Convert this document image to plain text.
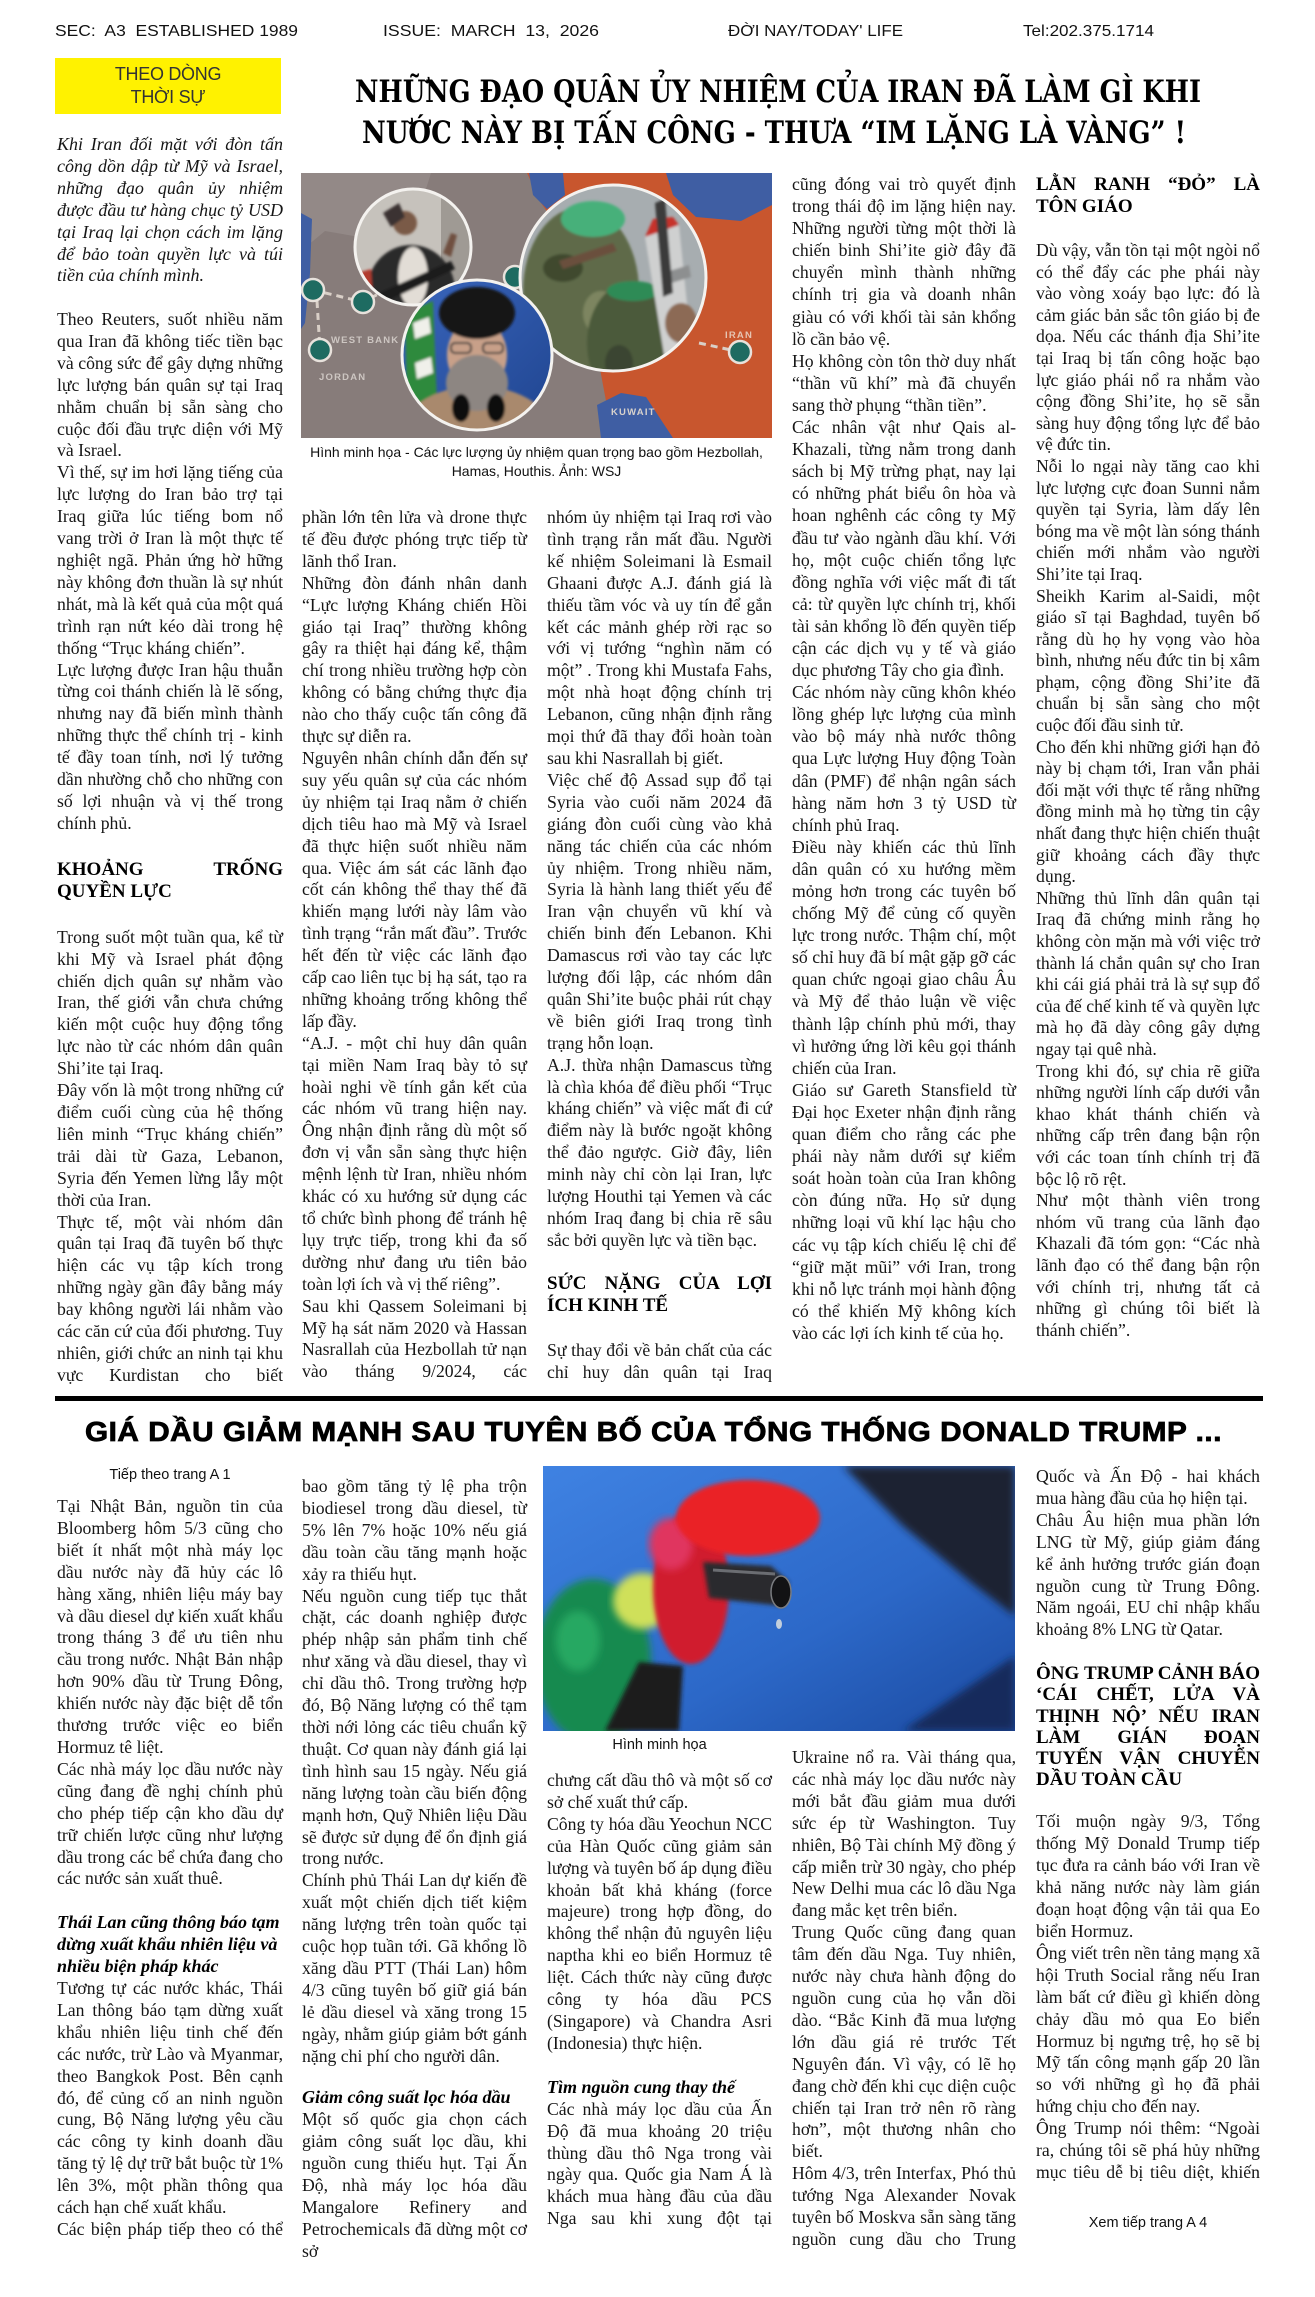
SEC:  A3  ESTABLISHED 1989	ISSUE:  MARCH  13,  2026	ĐỜI NAY/TODAY' LIFE	Tel:202.375.1714
THEO DÒNG
THỜI SỰ	NHỮNG ĐẠO QUÂN ỦY NHIỆM CỦA IRAN ĐÃ LÀM GÌ KHI
NƯỚC NÀY BỊ TẤN CÔNG - THƯA “IM LẶNG LÀ VÀNG” !

Khi Iran đối mặt với đòn tấn công dồn dập từ Mỹ và Israel, những đạo quân ủy nhiệm được đầu tư hàng chục tỷ USD tại Iraq lại chọn cách im lặng để bảo toàn quyền lực và túi tiền của chính mình.

WEST BANK
JORDAN
KUWAIT
IRAN
Hình minh họa - Các lực lượng ủy nhiệm quan trọng bao gồm Hezbollah,
Hamas, Houthis. Ảnh: WSJ

Theo Reuters, suốt nhiều năm qua Iran đã không tiếc tiền bạc và công sức để gây dựng những lực lượng bán quân sự tại Iraq nhằm chuẩn bị sẵn sàng cho cuộc đối đầu trực diện với Mỹ và Israel.

Vì thế, sự im hơi lặng tiếng của lực lượng do Iran bảo trợ tại Iraq giữa lúc tiếng bom nổ vang trời ở Iran là một thực tế nghiệt ngã. Phản ứng hờ hững này không đơn thuần là sự nhút nhát, mà là kết quả của một quá trình rạn nứt kéo dài trong hệ thống “Trục kháng chiến”.

Lực lượng được Iran hậu thuẫn từng coi thánh chiến là lẽ sống, nhưng nay đã biến mình thành những thực thể chính trị - kinh tế đầy toan tính, nơi lý tưởng dần nhường chỗ cho những con số lợi nhuận và vị thế trong chính phủ.

KHOẢNG TRỐNG QUYỀN LỰC

Trong suốt một tuần qua, kể từ khi Mỹ và Israel phát động chiến dịch quân sự nhằm vào Iran, thế giới vẫn chưa chứng kiến một cuộc huy động tổng lực nào từ các nhóm dân quân Shi’ite tại Iraq.

Đây vốn là một trong những cứ điểm cuối cùng của hệ thống liên minh “Trục kháng chiến” trải dài từ Gaza, Lebanon, Syria đến Yemen lừng lẫy một thời của Iran.

Thực tế, một vài nhóm dân quân tại Iraq đã tuyên bố thực hiện các vụ tập kích trong những ngày gần đây bằng máy bay không người lái nhằm vào các căn cứ của đối phương. Tuy nhiên, giới chức an ninh tại khu vực Kurdistan cho biết

phần lớn tên lửa và drone thực tế đều được phóng trực tiếp từ lãnh thổ Iran.

Những đòn đánh nhân danh “Lực lượng Kháng chiến Hồi giáo tại Iraq” thường không gây ra thiệt hại đáng kể, thậm chí trong nhiều trường hợp còn không có bằng chứng thực địa nào cho thấy cuộc tấn công đã thực sự diễn ra.

Nguyên nhân chính dẫn đến sự suy yếu quân sự của các nhóm ủy nhiệm tại Iraq nằm ở chiến dịch tiêu hao mà Mỹ và Israel đã thực hiện suốt nhiều năm qua. Việc ám sát các lãnh đạo cốt cán không thể thay thế đã khiến mạng lưới này lâm vào tình trạng “rắn mất đầu”. Trước hết đến từ việc các lãnh đạo cấp cao liên tục bị hạ sát, tạo ra những khoảng trống không thể lấp đầy.

“A.J. - một chỉ huy dân quân tại miền Nam Iraq bày tỏ sự hoài nghi về tính gắn kết của các nhóm vũ trang hiện nay. Ông nhận định rằng dù một số đơn vị vẫn sẵn sàng thực hiện mệnh lệnh từ Iran, nhiều nhóm khác có xu hướng sử dụng các tổ chức bình phong để tránh hệ lụy trực tiếp, trong khi đa số dường như đang ưu tiên bảo toàn lợi ích và vị thế riêng”.

Sau khi Qassem Soleimani bị Mỹ hạ sát năm 2020 và Hassan Nasrallah của Hezbollah tử nạn vào tháng 9/2024, các

nhóm ủy nhiệm tại Iraq rơi vào tình trạng rắn mất đầu. Người kế nhiệm Soleimani là Esmail Ghaani được A.J. đánh giá là thiếu tầm vóc và uy tín để gắn kết các mảnh ghép rời rạc so với vị tướng “nghìn năm có một” . Trong khi Mustafa Fahs, một nhà hoạt động chính trị Lebanon, cũng nhận định rằng mọi thứ đã thay đổi hoàn toàn sau khi Nasrallah bị giết.

Việc chế độ Assad sụp đổ tại Syria vào cuối năm 2024 đã giáng đòn cuối cùng vào khả năng tác chiến của các nhóm ủy nhiệm. Trong nhiều năm, Syria là hành lang thiết yếu để Iran vận chuyển vũ khí và chiến binh đến Lebanon. Khi Damascus rơi vào tay các lực lượng đối lập, các nhóm dân quân Shi’ite buộc phải rút chạy về biên giới Iraq trong tình trạng hỗn loạn.

A.J. thừa nhận Damascus từng là chìa khóa để điều phối “Trục kháng chiến” và việc mất đi cứ điểm này là bước ngoặt không thể đảo ngược. Giờ đây, liên minh này chỉ còn lại Iran, lực lượng Houthi tại Yemen và các nhóm Iraq đang bị chia rẽ sâu sắc bởi quyền lực và tiền bạc.

SỨC NẶNG CỦA LỢI ÍCH KINH TẾ

Sự thay đổi về bản chất của các chỉ huy dân quân tại Iraq

cũng đóng vai trò quyết định trong thái độ im lặng hiện nay. Những người từng một thời là chiến binh Shi’ite giờ đây đã chuyển mình thành những chính trị gia và doanh nhân giàu có với khối tài sản khổng lồ cần bảo vệ.

Họ không còn tôn thờ duy nhất “thần vũ khí” mà đã chuyển sang thờ phụng “thần tiền”.

Các nhân vật như Qais al-Khazali, từng nằm trong danh sách bị Mỹ trừng phạt, nay lại có những phát biểu ôn hòa và hoan nghênh các công ty Mỹ đầu tư vào ngành dầu khí. Với họ, một cuộc chiến tổng lực đồng nghĩa với việc mất đi tất cả: từ quyền lực chính trị, khối tài sản khổng lồ đến quyền tiếp cận các dịch vụ y tế và giáo dục phương Tây cho gia đình.

Các nhóm này cũng khôn khéo lồng ghép lực lượng của mình vào bộ máy nhà nước thông qua Lực lượng Huy động Toàn dân (PMF) để nhận ngân sách hàng năm hơn 3 tỷ USD từ chính phủ Iraq.

Điều này khiến các thủ lĩnh dân quân có xu hướng mềm mỏng hơn trong các tuyên bố chống Mỹ để củng cố quyền lực trong nước. Thậm chí, một số chỉ huy đã bí mật gặp gỡ các quan chức ngoại giao châu Âu và Mỹ để thảo luận về việc thành lập chính phủ mới, thay vì hưởng ứng lời kêu gọi thánh chiến của Iran.

Giáo sư Gareth Stansfield từ Đại học Exeter nhận định rằng quan điểm cho rằng các phe phái này nằm dưới sự kiểm soát hoàn toàn của Iran không còn đúng nữa. Họ sử dụng những loại vũ khí lạc hậu cho các vụ tập kích chiếu lệ chỉ để “giữ mặt mũi” với Iran, trong khi nỗ lực tránh mọi hành động có thể khiến Mỹ không kích vào các lợi ích kinh tế của họ.

LẰN RANH “ĐỎ” LÀ TÔN GIÁO

Dù vậy, vẫn tồn tại một ngòi nổ có thể đẩy các phe phái này vào vòng xoáy bạo lực: đó là cảm giác bản sắc tôn giáo bị đe dọa. Nếu các thánh địa Shi’ite tại Iraq bị tấn công hoặc bạo lực giáo phái nổ ra nhắm vào cộng đồng Shi’ite, họ sẽ sẵn sàng huy động tổng lực để bảo vệ đức tin.

Nỗi lo ngại này tăng cao khi lực lượng cực đoan Sunni nắm quyền tại Syria, làm dấy lên bóng ma về một làn sóng thánh chiến mới nhắm vào người Shi’ite tại Iraq.

Sheikh Karim al-Saidi, một giáo sĩ tại Baghdad, tuyên bố rằng dù họ hy vọng vào hòa bình, nhưng nếu đức tin bị xâm phạm, cộng đồng Shi’ite đã chuẩn bị sẵn sàng cho một cuộc đối đầu sinh tử.

Cho đến khi những giới hạn đỏ này bị chạm tới, Iran vẫn phải đối mặt với thực tế rằng những đồng minh mà họ từng tin cậy nhất đang thực hiện chiến thuật giữ khoảng cách đầy thực dụng.

Những thủ lĩnh dân quân tại Iraq đã chứng minh rằng họ không còn mặn mà với việc trở thành lá chắn quân sự cho Iran khi cái giá phải trả là sự sụp đổ của đế chế kinh tế và quyền lực mà họ đã dày công gây dựng ngay tại quê nhà.

Trong khi đó, sự chia rẽ giữa những người lính cấp dưới vẫn khao khát thánh chiến và những cấp trên đang bận rộn với các toan tính chính trị đã bộc lộ rõ rệt.

Như một thành viên trong nhóm vũ trang của lãnh đạo Khazali đã tóm gọn: “Các nhà lãnh đạo có thể đang bận rộn với chính trị, nhưng tất cả những gì chúng tôi biết là thánh chiến”.

GIÁ DẦU GIẢM MẠNH SAU TUYÊN BỐ CỦA TỔNG THỐNG DONALD TRUMP ...
Tiếp theo trang A 1

Tại Nhật Bản, nguồn tin của Bloomberg hôm 5/3 cũng cho biết ít nhất một nhà máy lọc dầu nước này đã hủy các lô hàng xăng, nhiên liệu máy bay và dầu diesel dự kiến xuất khẩu trong tháng 3 để ưu tiên nhu cầu trong nước. Nhật Bản nhập hơn 90% dầu từ Trung Đông, khiến nước này đặc biệt dễ tổn thương trước việc eo biển Hormuz tê liệt.

Các nhà máy lọc dầu nước này cũng đang đề nghị chính phủ cho phép tiếp cận kho dầu dự trữ chiến lược cũng như lượng dầu trong các bể chứa đang cho các nước sản xuất thuê.

Thái Lan cũng thông báo tạm dừng xuất khẩu nhiên liệu và nhiều biện pháp khác

Tương tự các nước khác, Thái Lan thông báo tạm dừng xuất khẩu nhiên liệu tinh chế đến các nước, trừ Lào và Myanmar, theo Bangkok Post. Bên cạnh đó, để củng cố an ninh nguồn cung, Bộ Năng lượng yêu cầu các công ty kinh doanh dầu tăng tỷ lệ dự trữ bắt buộc từ 1% lên 3%, một phần thông qua cách hạn chế xuất khẩu.

Các biện pháp tiếp theo có thể

bao gồm tăng tỷ lệ pha trộn biodiesel trong dầu diesel, từ 5% lên 7% hoặc 10% nếu giá dầu toàn cầu tăng mạnh hoặc xảy ra thiếu hụt.

Nếu nguồn cung tiếp tục thắt chặt, các doanh nghiệp được phép nhập sản phẩm tinh chế như xăng và dầu diesel, thay vì chỉ dầu thô. Trong trường hợp đó, Bộ Năng lượng có thể tạm thời nới lỏng các tiêu chuẩn kỹ thuật. Cơ quan này đánh giá lại tình hình sau 15 ngày. Nếu giá năng lượng toàn cầu biến động mạnh hơn, Quỹ Nhiên liệu Dầu sẽ được sử dụng để ổn định giá trong nước.

Chính phủ Thái Lan dự kiến đề xuất một chiến dịch tiết kiệm năng lượng trên toàn quốc tại cuộc họp tuần tới. Gã khổng lồ xăng dầu PTT (Thái Lan) hôm 4/3 cũng tuyên bố giữ giá bán lẻ dầu diesel và xăng trong 15 ngày, nhằm giúp giảm bớt gánh nặng chi phí cho người dân.

Giảm công suất lọc hóa dầu

Một số quốc gia chọn cách giảm công suất lọc dầu, khi nguồn cung thiếu hụt. Tại Ấn Độ, nhà máy lọc hóa dầu Mangalore Refinery and Petrochemicals đã dừng một cơ sở

Hình minh họa

chưng cất dầu thô và một số cơ sở chế xuất thứ cấp.

Công ty hóa dầu Yeochun NCC của Hàn Quốc cũng giảm sản lượng và tuyên bố áp dụng điều khoản bất khả kháng (force majeure) trong hợp đồng, do không thể nhận đủ nguyên liệu naptha khi eo biển Hormuz tê liệt. Cách thức này cũng được công ty hóa dầu PCS (Singapore) và Chandra Asri (Indonesia) thực hiện.

Tìm nguồn cung thay thế

Các nhà máy lọc dầu của Ấn Độ đã mua khoảng 20 triệu thùng dầu thô Nga trong vài ngày qua. Quốc gia Nam Á là khách mua hàng đầu của dầu Nga sau khi xung đột tại

Ukraine nổ ra. Vài tháng qua, các nhà máy lọc dầu nước này mới bắt đầu giảm mua dưới sức ép từ Washington. Tuy nhiên, Bộ Tài chính Mỹ đồng ý cấp miễn trừ 30 ngày, cho phép New Delhi mua các lô dầu Nga đang mắc kẹt trên biển.

Trung Quốc cũng đang quan tâm đến dầu Nga. Tuy nhiên, nước này chưa hành động do nguồn cung của họ vẫn dồi dào. “Bắc Kinh đã mua lượng lớn dầu giá rẻ trước Tết Nguyên đán. Vì vậy, có lẽ họ đang chờ đến khi cục diện cuộc chiến tại Iran trở nên rõ ràng hơn”, một thương nhân cho biết.

Hôm 4/3, trên Interfax, Phó thủ tướng Nga Alexander Novak tuyên bố Moskva sẵn sàng tăng nguồn cung dầu cho Trung

Quốc và Ấn Độ - hai khách mua hàng đầu của họ hiện tại.

Châu Âu hiện mua phần lớn LNG từ Mỹ, giúp giảm đáng kể ảnh hưởng trước gián đoạn nguồn cung từ Trung Đông. Năm ngoái, EU chỉ nhập khẩu khoảng 8% LNG từ Qatar.

ÔNG TRUMP CẢNH BÁO ‘CÁI CHẾT, LỬA VÀ THỊNH NỘ’ NẾU IRAN LÀM GIÁN ĐOẠN TUYẾN VẬN CHUYỂN DẦU TOÀN CẦU

Tối muộn ngày 9/3, Tổng thống Mỹ Donald Trump tiếp tục đưa ra cảnh báo với Iran về khả năng nước này làm gián đoạn hoạt động vận tải qua Eo biển Hormuz.

Ông viết trên nền tảng mạng xã hội Truth Social rằng nếu Iran làm bất cứ điều gì khiến dòng chảy dầu mỏ qua Eo biển Hormuz bị ngưng trệ, họ sẽ bị Mỹ tấn công mạnh gấp 20 lần so với những gì họ đã phải hứng chịu cho đến nay.

Ông Trump nói thêm: “Ngoài ra, chúng tôi sẽ phá hủy những mục tiêu dễ bị tiêu diệt, khiến

Xem tiếp trang A 4
